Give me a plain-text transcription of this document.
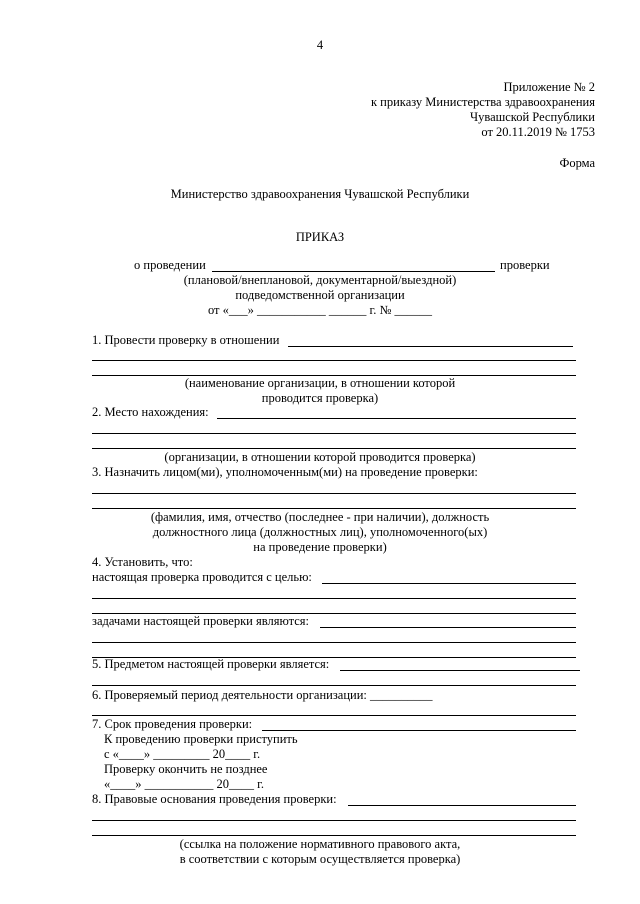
4
Приложение № 2
к приказу Министерства здравоохранения
Чувашской Республики
от 20.11.2019 № 1753
Форма
Министерство здравоохранения Чувашской Республики
ПРИКАЗ
о проведении	проверки
(плановой/внеплановой, документарной/выездной)
подведомственной организации
от «___» ___________ ______ г. № ______
1. Провести проверку в отношении
(наименование организации, в отношении которой
проводится проверка)
2. Место нахождения:
(организации, в отношении которой проводится проверка)
3. Назначить лицом(ми), уполномоченным(ми) на проведение проверки:
(фамилия, имя, отчество (последнее - при наличии), должность
должностного лица (должностных лиц), уполномоченного(ых)
на проведение проверки)
4. Установить, что:
настоящая проверка проводится с целью:
задачами настоящей проверки являются:
5. Предметом настоящей проверки является:
6. Проверяемый период деятельности организации: __________
7. Срок проведения проверки:
К проведению проверки приступить
с «____» _________ 20____ г.
Проверку окончить не позднее
«____» ___________ 20____ г.
8. Правовые основания проведения проверки:
(ссылка на положение нормативного правового акта,
в соответствии с которым осуществляется проверка)
